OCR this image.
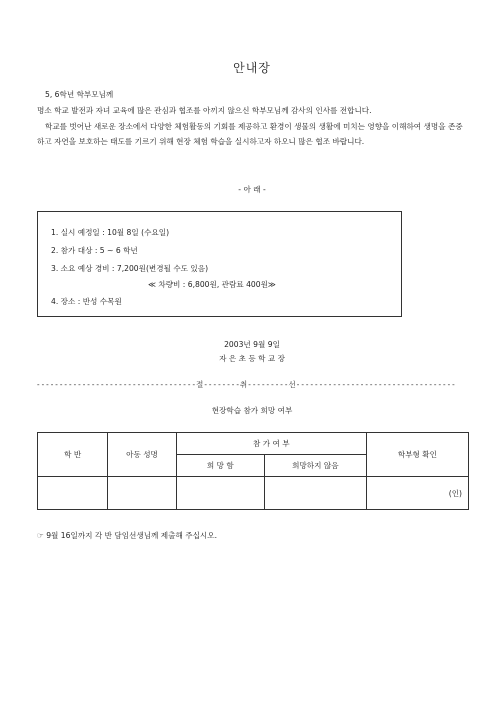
안내장
5, 6학년 학부모님께
명소 학교 발전과 자녀 교육에 많은 관심과 협조를 아끼지 않으신 학부모님께 감사의 인사를 전합니다.
학교를 벗어난 새로운 장소에서 다양한 체험활동의 기회를 제공하고 환경이 생물의 생활에 미치는 영향을 이해하여 생명을 존중하고 자연을 보호하는 태도를 기르기 위해 현장 체험 학습을 실시하고자 하오니 많은 협조 바랍니다.
- 아 래 -
1. 실시 예정일 : 10월 8일 (수요일)
2. 참가 대상 : 5 ~ 6 학년
3. 소요 예상 경비 : 7,200원(변경될 수도 있음)
≪ 차량비 : 6,800원, 관람료 400원≫
4. 장소 : 반성 수목원
2003년 9월 9일
자 은 초 등 학 교 장
-----------------------------------절--------취---------선-----------------------------------
현장학습 참가 희망 여부
학 반	아동 성명	참 가 여 부		학부형 확인
		희 망 함	희망하지 않음	
				(인)
☞ 9월 16일까지 각 반 담임선생님께 제출해 주십시오.
